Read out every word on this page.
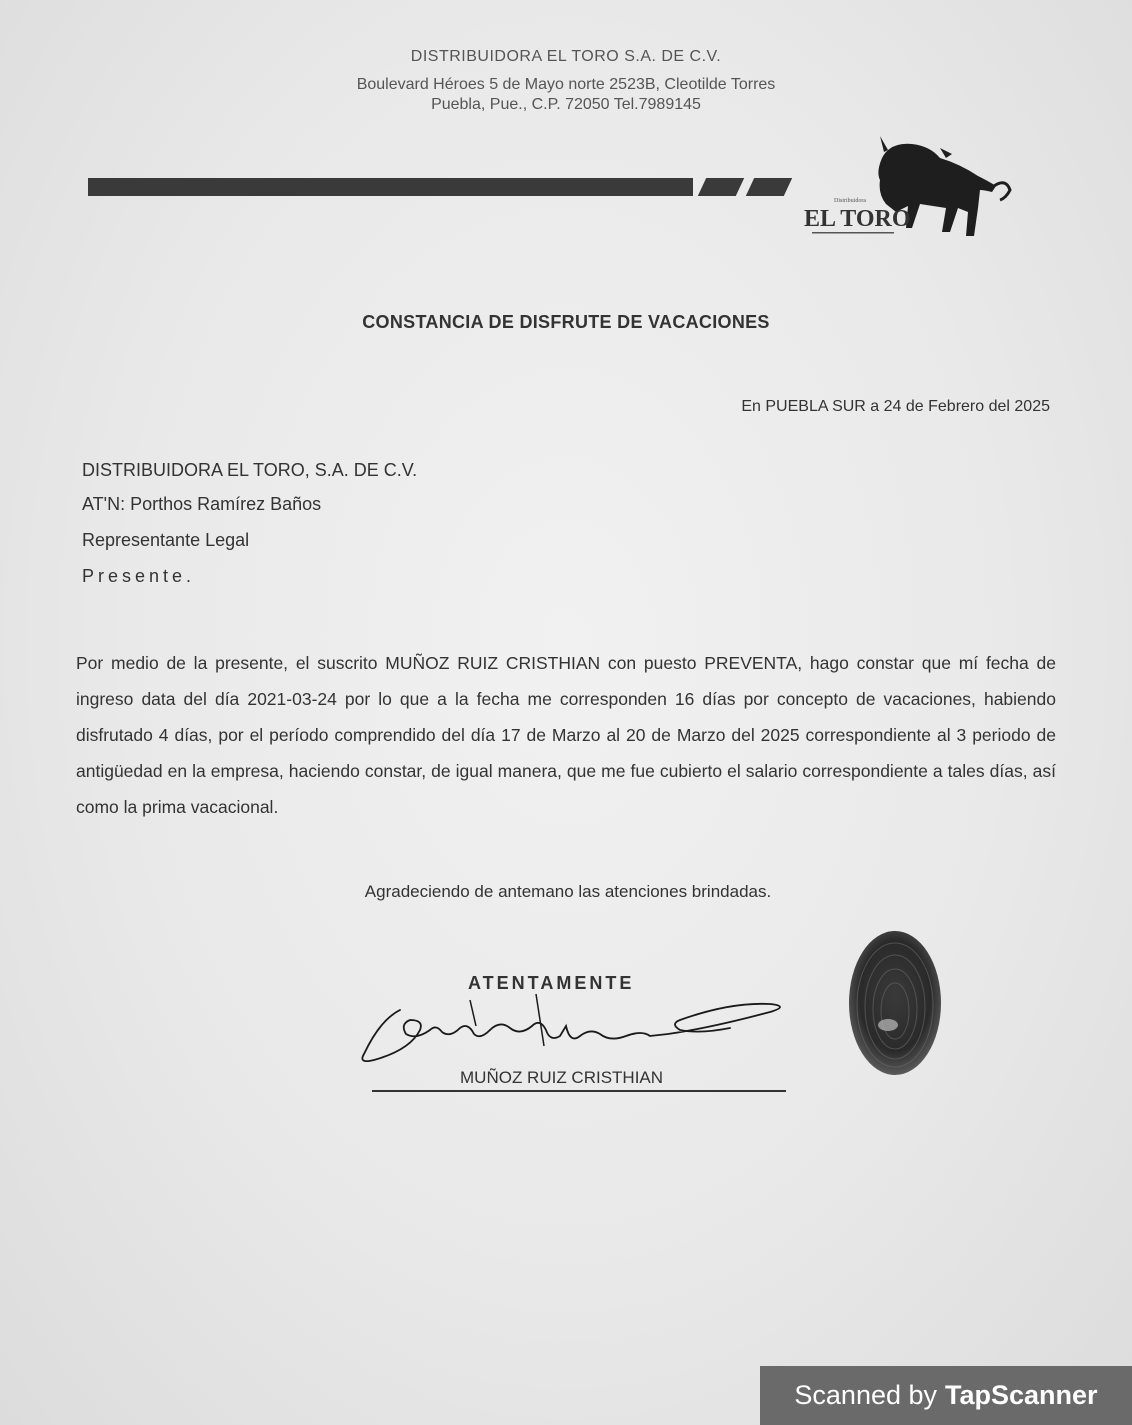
DISTRIBUIDORA EL TORO S.A. DE C.V.
Boulevard Héroes 5 de Mayo norte 2523B, Cleotilde Torres
Puebla, Pue., C.P. 72050 Tel.7989145
Distribuidora
EL TORO
CONSTANCIA DE DISFRUTE DE VACACIONES
En PUEBLA SUR a 24 de Febrero del 2025
DISTRIBUIDORA EL TORO, S.A. DE C.V.
AT'N: Porthos Ramírez Baños
Representante Legal
Presente.
Por medio de la presente, el suscrito MUÑOZ RUIZ CRISTHIAN con puesto PREVENTA, hago constar que mí fecha de ingreso data del día 2021-03-24 por lo que a la fecha me corresponden 16 días por concepto de vacaciones, habiendo disfrutado 4 días, por el período comprendido del día 17 de Marzo al 20 de Marzo del 2025 correspondiente al 3 periodo de antigüedad en la empresa, haciendo constar, de igual manera, que me fue cubierto el salario correspondiente a tales días, así como la prima vacacional.
Agradeciendo de antemano las atenciones brindadas.
ATENTAMENTE
MUÑOZ RUIZ CRISTHIAN
Scanned by TapScanner
